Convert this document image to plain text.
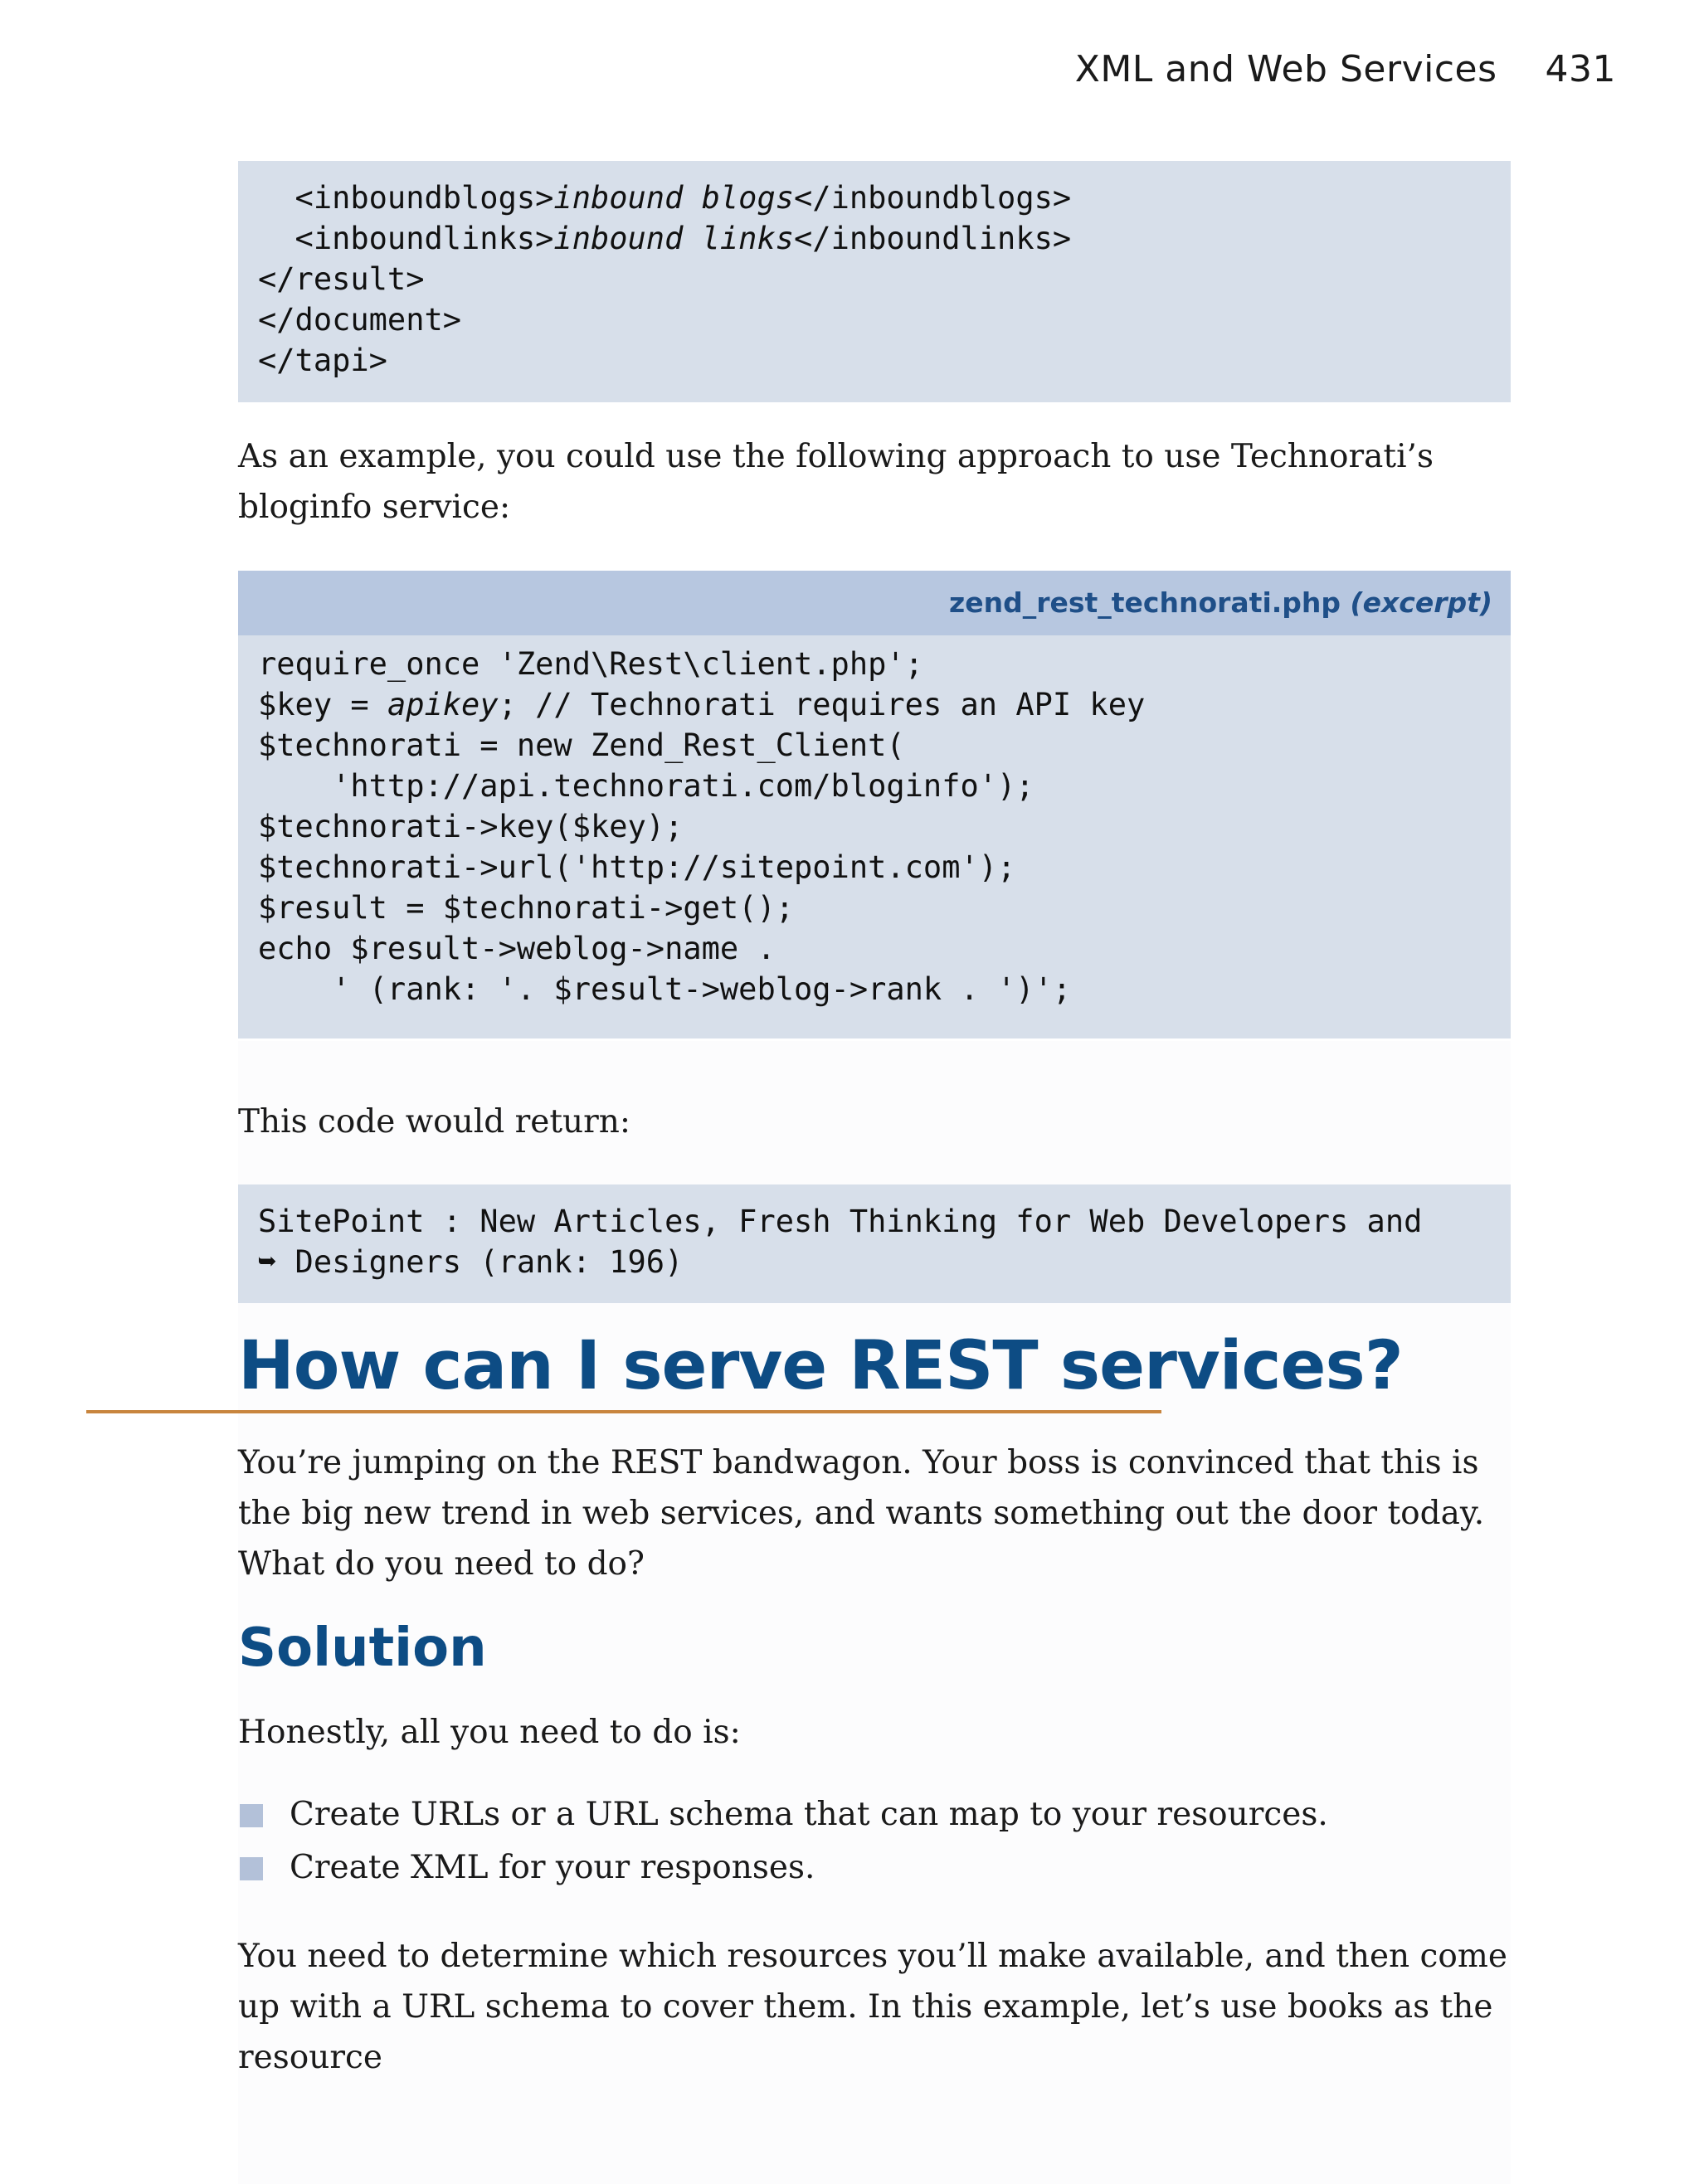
XML and Web Services 431
<inboundblogs>inbound blogs</inboundblogs>
<inboundlinks>inbound links</inboundlinks>
</result>
</document>
</tapi>
As an example, you could use the following approach to use Technorati’s bloginfo service:
zend_rest_technorati.php (excerpt)
require_once 'Zend\Rest\client.php';
$key = apikey; // Technorati requires an API key
$technorati = new Zend_Rest_Client(
'http://api.technorati.com/bloginfo');
$technorati->key($key);
$technorati->url('http://sitepoint.com');
$result = $technorati->get();
echo $result->weblog->name .
' (rank: '. $result->weblog->rank . ')';
This code would return:
SitePoint : New Articles, Fresh Thinking for Web Developers and
➥ Designers (rank: 196)
How can I serve REST services?
You’re jumping on the REST bandwagon. Your boss is convinced that this is the big new trend in web services, and wants something out the door today. What do you need to do?
Solution
Honestly, all you need to do is:
Create URLs or a URL schema that can map to your resources.
Create XML for your responses.
You need to determine which resources you’ll make available, and then come up with a URL schema to cover them. In this example, let’s use books as the resource
